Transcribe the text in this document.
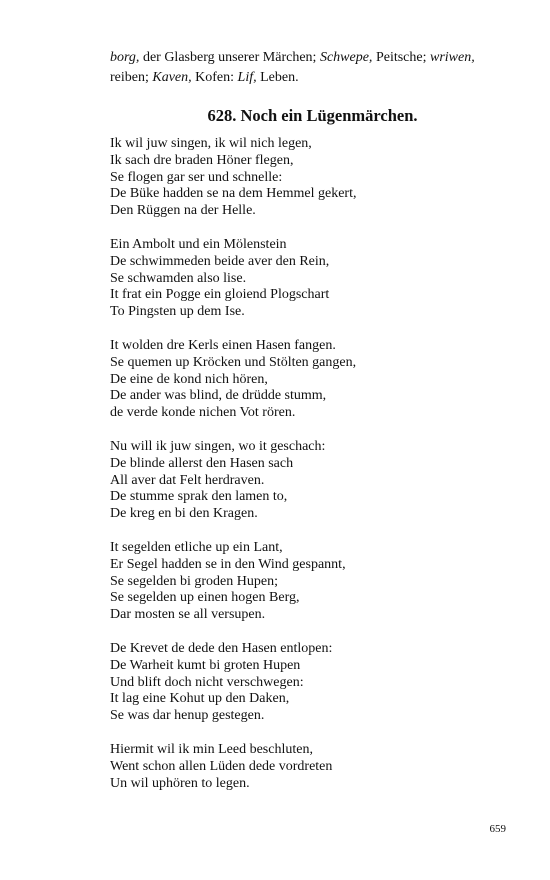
borg, der Glasberg unserer Märchen; Schwepe, Peitsche; wriwen, reiben; Kaven, Kofen: Lif, Leben.

628. Noch ein Lügenmärchen.
Ik wil juw singen, ik wil nich legen,
Ik sach dre braden Höner flegen,
Se flogen gar ser und schnelle:
De Büke hadden se na dem Hemmel gekert,
Den Rüggen na der Helle.
Ein Ambolt und ein Mölenstein
De schwimmeden beide aver den Rein,
Se schwamden also lise.
It frat ein Pogge ein gloiend Plogschart
To Pingsten up dem Ise.
It wolden dre Kerls einen Hasen fangen.
Se quemen up Kröcken und Stölten gangen,
De eine de kond nich hören,
De ander was blind, de drüdde stumm,
de verde konde nichen Vot rören.
Nu will ik juw singen, wo it geschach:
De blinde allerst den Hasen sach
All aver dat Felt herdraven.
De stumme sprak den lamen to,
De kreg en bi den Kragen.
It segelden etliche up ein Lant,
Er Segel hadden se in den Wind gespannt,
Se segelden bi groden Hupen;
Se segelden up einen hogen Berg,
Dar mosten se all versupen.
De Krevet de dede den Hasen entlopen:
De Warheit kumt bi groten Hupen
Und blift doch nicht verschwegen:
It lag eine Kohut up den Daken,
Se was dar henup gestegen.
Hiermit wil ik min Leed beschluten,
Went schon allen Lüden dede vordreten
Un wil uphören to legen.
659
